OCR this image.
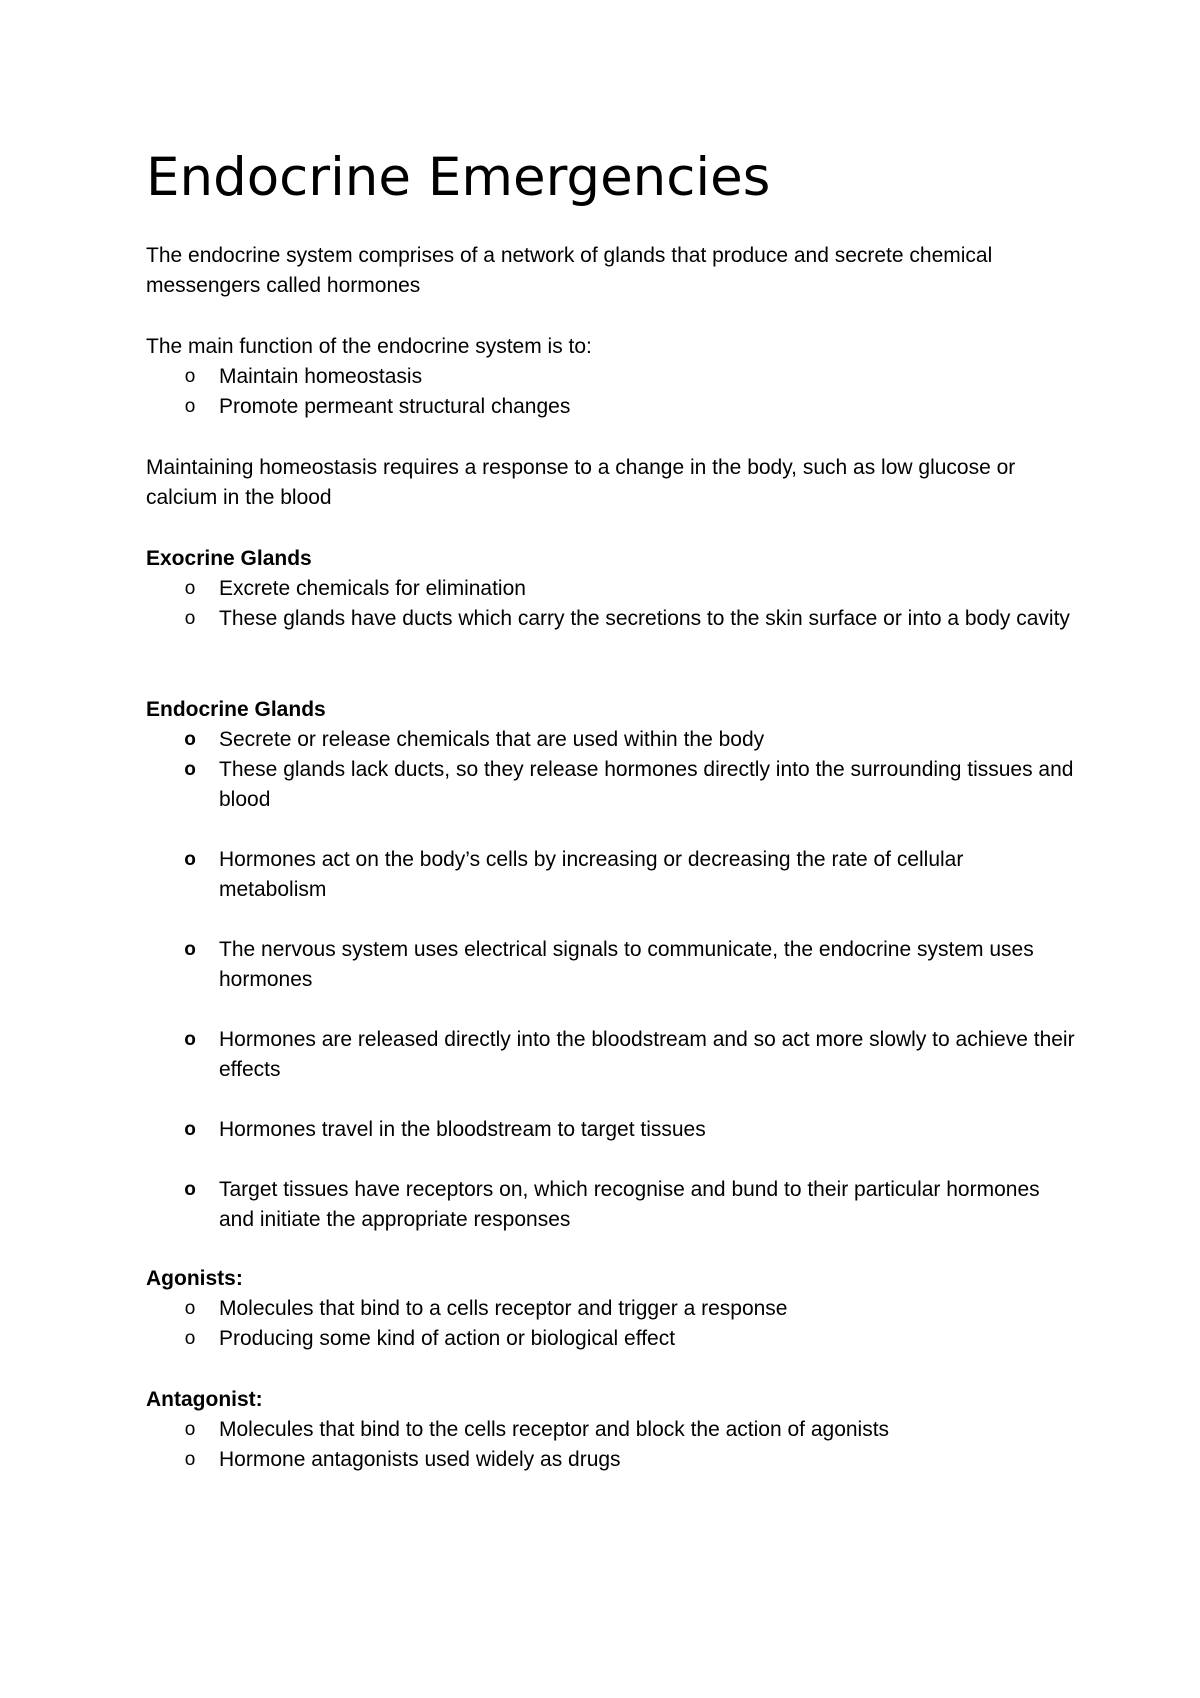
Endocrine Emergencies

The endocrine system comprises of a network of glands that produce and secrete chemical messengers called hormones

The main function of the endocrine system is to:

o Maintain homeostasis
o Promote permeant structural changes

Maintaining homeostasis requires a response to a change in the body, such as low glucose or calcium in the blood

Exocrine Glands

o Excrete chemicals for elimination
o These glands have ducts which carry the secretions to the skin surface or into a body cavity

Endocrine Glands

o Secrete or release chemicals that are used within the body
o These glands lack ducts, so they release hormones directly into the surrounding tissues and blood
o Hormones act on the body’s cells by increasing or decreasing the rate of cellular metabolism
o The nervous system uses electrical signals to communicate, the endocrine system uses hormones
o Hormones are released directly into the bloodstream and so act more slowly to achieve their effects
o Hormones travel in the bloodstream to target tissues
o Target tissues have receptors on, which recognise and bund to their particular hormones and initiate the appropriate responses

Agonists:

o Molecules that bind to a cells receptor and trigger a response
o Producing some kind of action or biological effect

Antagonist:

o Molecules that bind to the cells receptor and block the action of agonists
o Hormone antagonists used widely as drugs
